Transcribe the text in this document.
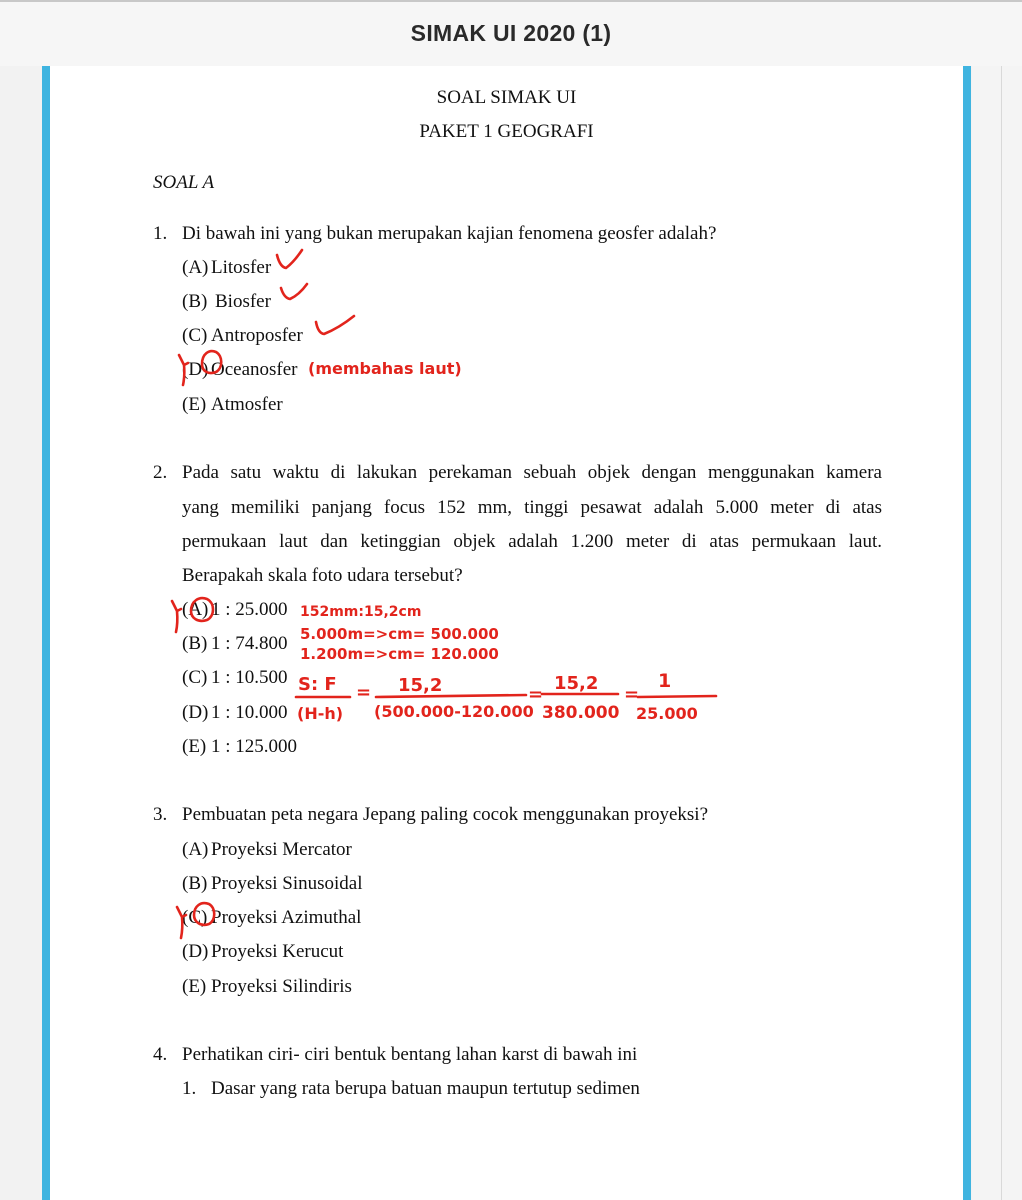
SIMAK UI 2020 (1)
SOAL SIMAK UI
PAKET 1 GEOGRAFI
SOAL A
1. Di bawah ini yang bukan merupakan kajian fenomena geosfer adalah?
(A) Litosfer
(B) Biosfer
(C) Antroposfer
(D) Oceanosfer
(E) Atmosfer
2. Pada satu waktu di lakukan perekaman sebuah objek dengan menggunakan kamera
yang memiliki panjang focus 152 mm, tinggi pesawat adalah 5.000 meter di atas
permukaan laut dan ketinggian objek adalah 1.200 meter di atas permukaan laut.
Berapakah skala foto udara tersebut?
(A) 1 : 25.000
(B) 1 : 74.800
(C) 1 : 10.500
(D) 1 : 10.000
(E) 1 : 125.000
3. Pembuatan peta negara Jepang paling cocok menggunakan proyeksi?
(A) Proyeksi Mercator
(B) Proyeksi Sinusoidal
(C) Proyeksi Azimuthal
(D) Proyeksi Kerucut
(E) Proyeksi Silindiris
4. Perhatikan ciri- ciri bentuk bentang lahan karst di bawah ini
1. Dasar yang rata berupa batuan maupun tertutup sedimen
(membahas laut)
152mm:15,2cm
5.000m=>cm= 500.000
1.200m=>cm= 120.000
S: F
(H-h)
= 15,2
(500.000-120.000
=
15,2
380.000
=
1
25.000
